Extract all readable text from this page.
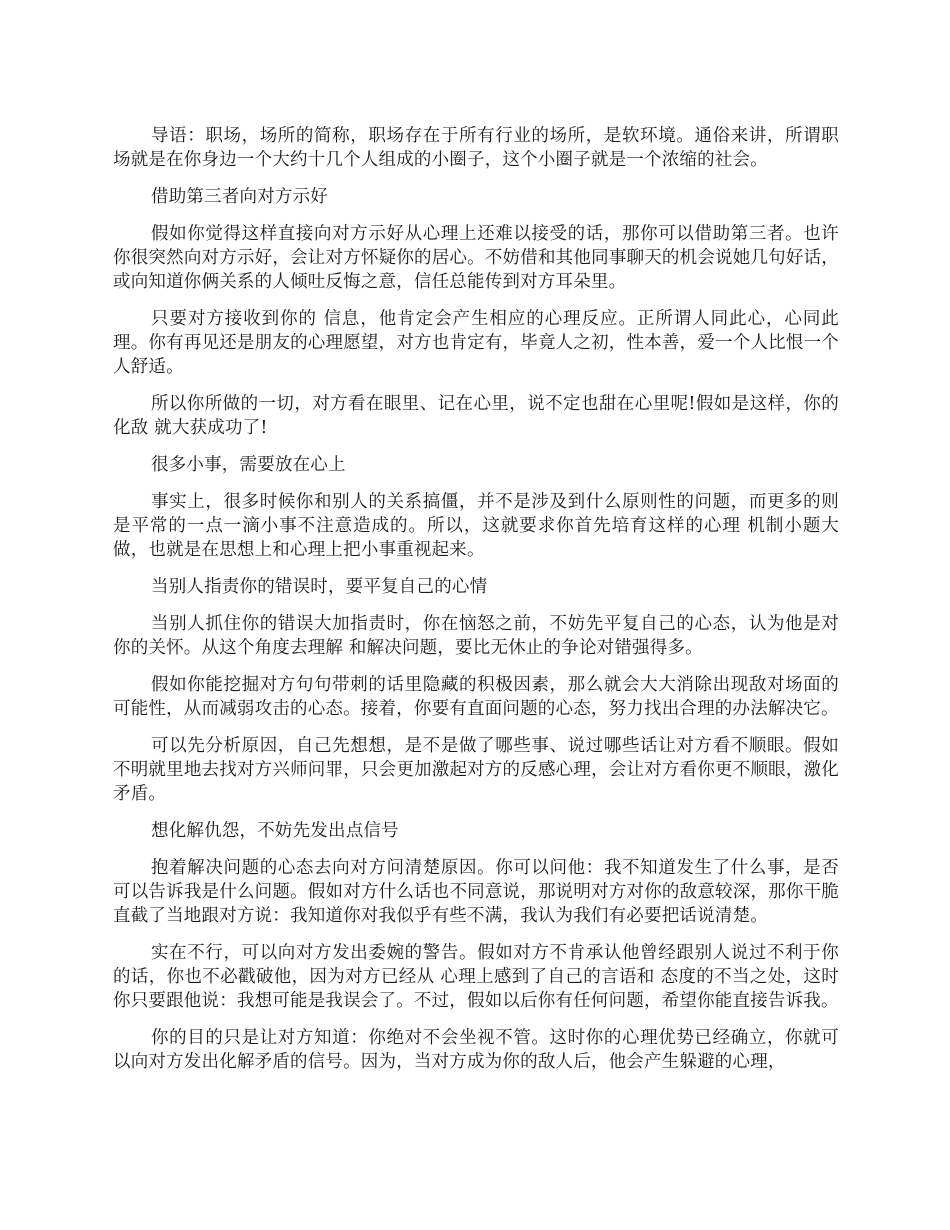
导语：职场，场所的简称，职场存在于所有行业的场所，是软环境。通俗来讲，所谓职场就是在你身边一个大约十几个人组成的小圈子，这个小圈子就是一个浓缩的社会。

借助第三者向对方示好

假如你觉得这样直接向对方示好从心理上还难以接受的话，那你可以借助第三者。也许你很突然向对方示好，会让对方怀疑你的居心。不妨借和其他同事聊天的机会说她几句好话，或向知道你俩关系的人倾吐反悔之意，信任总能传到对方耳朵里。

只要对方接收到你的 信息，他肯定会产生相应的心理反应。正所谓人同此心，心同此理。你有再见还是朋友的心理愿望，对方也肯定有，毕竟人之初，性本善，爱一个人比恨一个人舒适。

所以你所做的一切，对方看在眼里、记在心里，说不定也甜在心里呢!假如是这样，你的化敌 就大获成功了!

很多小事，需要放在心上

事实上，很多时候你和别人的关系搞僵，并不是涉及到什么原则性的问题，而更多的则是平常的一点一滴小事不注意造成的。所以，这就要求你首先培育这样的心理 机制小题大做，也就是在思想上和心理上把小事重视起来。

当别人指责你的错误时，要平复自己的心情

当别人抓住你的错误大加指责时，你在恼怒之前，不妨先平复自己的心态，认为他是对你的关怀。从这个角度去理解 和解决问题，要比无休止的争论对错强得多。

假如你能挖掘对方句句带刺的话里隐藏的积极因素，那么就会大大消除出现敌对场面的可能性，从而减弱攻击的心态。接着，你要有直面问题的心态，努力找出合理的办法解决它。

可以先分析原因，自己先想想，是不是做了哪些事、说过哪些话让对方看不顺眼。假如不明就里地去找对方兴师问罪，只会更加激起对方的反感心理，会让对方看你更不顺眼，激化矛盾。

想化解仇怨，不妨先发出点信号

抱着解决问题的心态去向对方问清楚原因。你可以问他：我不知道发生了什么事，是否可以告诉我是什么问题。假如对方什么话也不同意说，那说明对方对你的敌意较深，那你干脆直截了当地跟对方说：我知道你对我似乎有些不满，我认为我们有必要把话说清楚。

实在不行，可以向对方发出委婉的警告。假如对方不肯承认他曾经跟别人说过不利于你的话，你也不必戳破他，因为对方已经从 心理上感到了自己的言语和 态度的不当之处，这时你只要跟他说：我想可能是我误会了。不过，假如以后你有任何问题，希望你能直接告诉我。

你的目的只是让对方知道：你绝对不会坐视不管。这时你的心理优势已经确立，你就可以向对方发出化解矛盾的信号。因为，当对方成为你的敌人后，他会产生躲避的心理，
